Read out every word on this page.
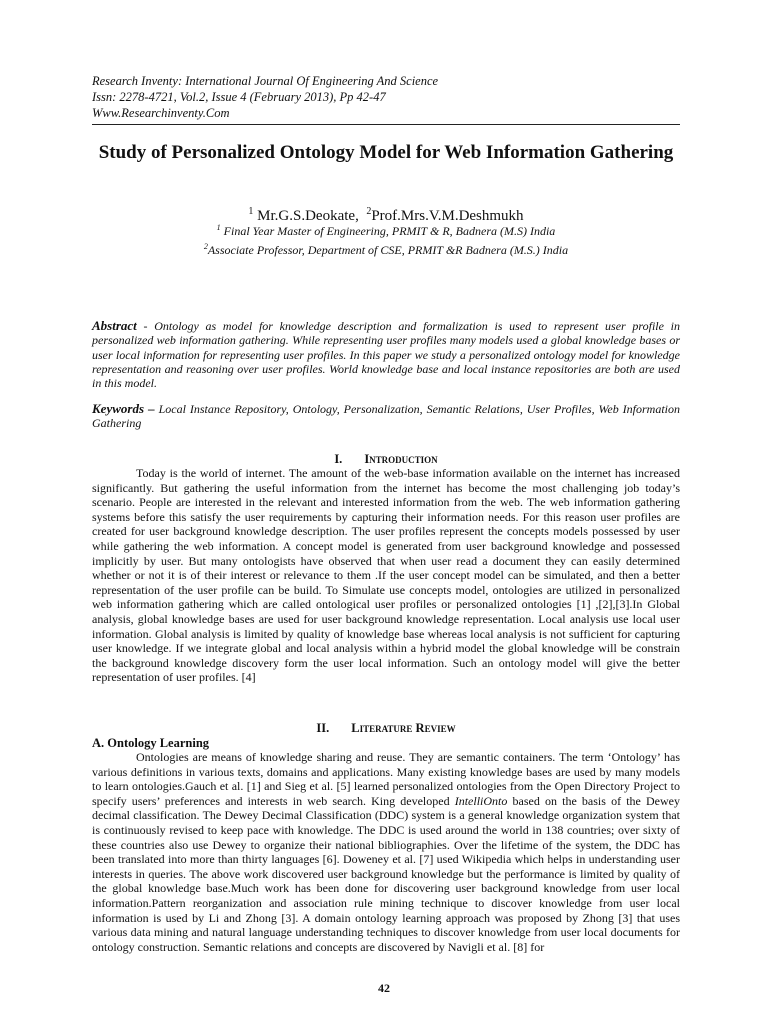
Research Inventy: International Journal Of Engineering And Science
Issn: 2278-4721, Vol.2, Issue 4 (February 2013), Pp 42-47
Www.Researchinventy.Com
Study of Personalized Ontology Model for Web Information Gathering
$^1$ Mr.G.S.Deokate, $^2$Prof.Mrs.V.M.Deshmukh
$^1$ Final Year Master of Engineering, PRMIT & R, Badnera (M.S) India
$^2$Associate Professor, Department of CSE, PRMIT &R Badnera (M.S.) India
Abstract - Ontology as model for knowledge description and formalization is used to represent user profile in personalized web information gathering. While representing user profiles many models used a global knowledge bases or user local information for representing user profiles. In this paper we study a personalized ontology model for knowledge representation and reasoning over user profiles. World knowledge base and local instance repositories are both are used in this model.
Keywords – Local Instance Repository, Ontology, Personalization, Semantic Relations, User Profiles, Web Information Gathering
I. Introduction

Today is the world of internet. The amount of the web-base information available on the internet has increased significantly. But gathering the useful information from the internet has become the most challenging job today’s scenario. People are interested in the relevant and interested information from the web. The web information gathering systems before this satisfy the user requirements by capturing their information needs. For this reason user profiles are created for user background knowledge description. The user profiles represent the concepts models possessed by user while gathering the web information. A concept model is generated from user background knowledge and possessed implicitly by user. But many ontologists have observed that when user read a document they can easily determined whether or not it is of their interest or relevance to them .If the user concept model can be simulated, and then a better representation of the user profile can be build. To Simulate use concepts model, ontologies are utilized in personalized web information gathering which are called ontological user profiles or personalized ontologies [1] ,[2],[3].In Global analysis, global knowledge bases are used for user background knowledge representation. Local analysis use local user information. Global analysis is limited by quality of knowledge base whereas local analysis is not sufficient for capturing user knowledge. If we integrate global and local analysis within a hybrid model the global knowledge will be constrain the background knowledge discovery form the user local information. Such an ontology model will give the better representation of user profiles. [4]

II. Literature Review
A. Ontology Learning

Ontologies are means of knowledge sharing and reuse. They are semantic containers. The term ‘Ontology’ has various definitions in various texts, domains and applications. Many existing knowledge bases are used by many models to learn ontologies.Gauch et al. [1] and Sieg et al. [5] learned personalized ontologies from the Open Directory Project to specify users’ preferences and interests in web search. King developed IntelliOnto based on the basis of the Dewey decimal classification. The Dewey Decimal Classification (DDC) system is a general knowledge organization system that is continuously revised to keep pace with knowledge. The DDC is used around the world in 138 countries; over sixty of these countries also use Dewey to organize their national bibliographies. Over the lifetime of the system, the DDC has been translated into more than thirty languages [6]. Doweney et al. [7] used Wikipedia which helps in understanding user interests in queries. The above work discovered user background knowledge but the performance is limited by quality of the global knowledge base.Much work has been done for discovering user background knowledge from user local information.Pattern reorganization and association rule mining technique to discover knowledge from user local information is used by Li and Zhong [3]. A domain ontology learning approach was proposed by Zhong [3] that uses various data mining and natural language understanding techniques to discover knowledge from user local documents for ontology construction. Semantic relations and concepts are discovered by Navigli et al. [8] for

42
